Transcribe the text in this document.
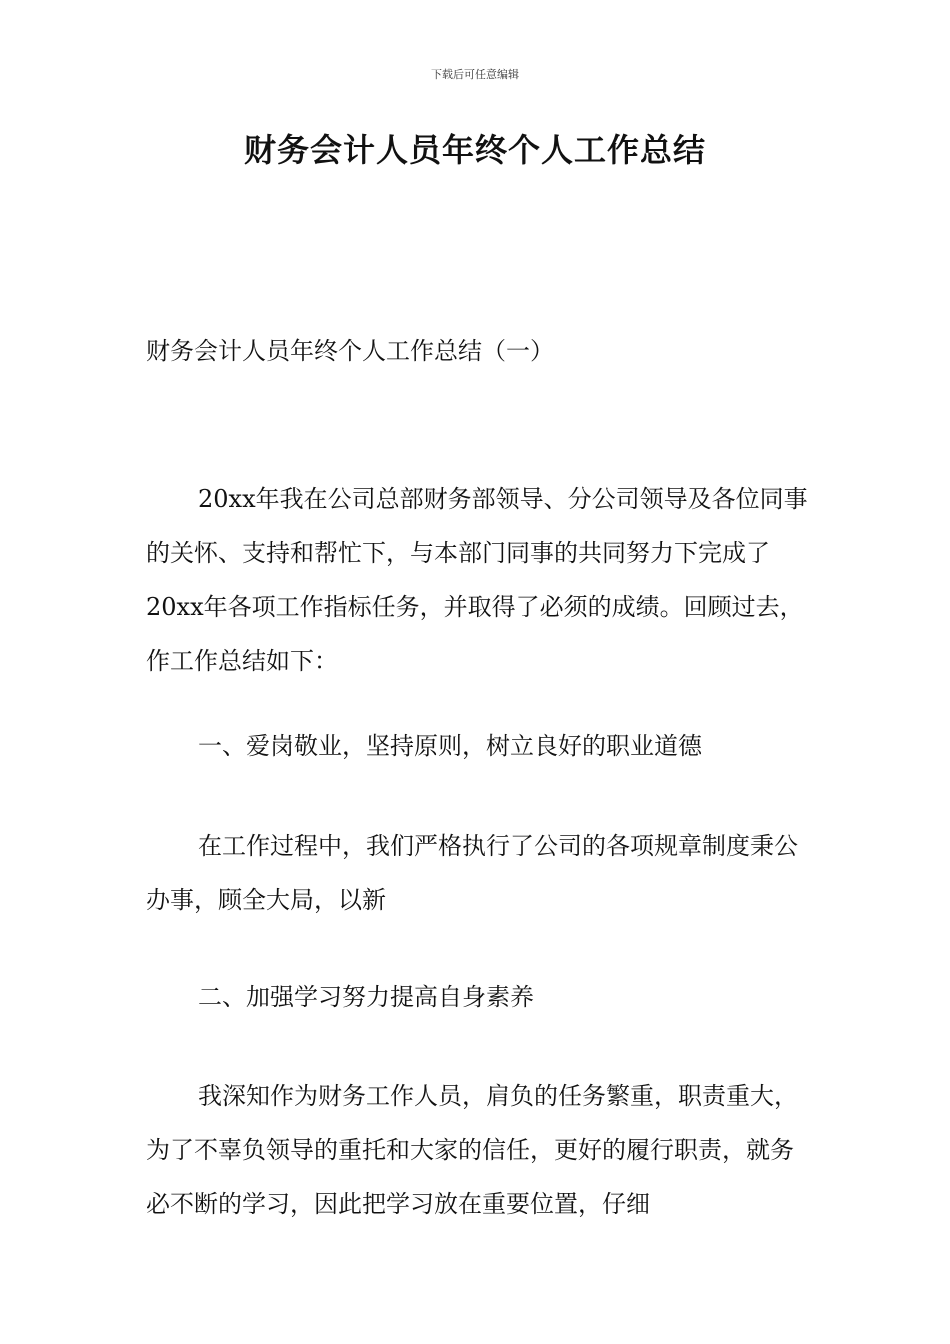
下载后可任意编辑
财务会计人员年终个人工作总结

财务会计人员年终个人工作总结（一）

20xx年我在公司总部财务部领导、分公司领导及各位同事的关怀、支持和帮忙下，与本部门同事的共同努力下完成了20xx年各项工作指标任务，并取得了必须的成绩。回顾过去，作工作总结如下：

一、爱岗敬业，坚持原则，树立良好的职业道德

在工作过程中，我们严格执行了公司的各项规章制度秉公办事，顾全大局，以新

二、加强学习努力提高自身素养

我深知作为财务工作人员，肩负的任务繁重，职责重大，为了不辜负领导的重托和大家的信任，更好的履行职责，就务必不断的学习，因此把学习放在重要位置，仔细
